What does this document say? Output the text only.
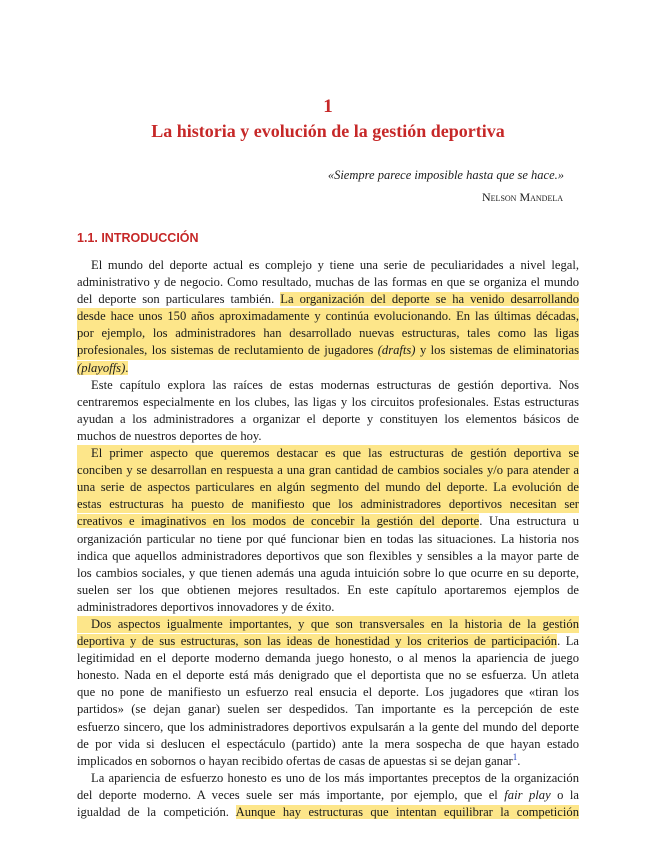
1
La historia y evolución de la gestión deportiva
«Siempre parece imposible hasta que se hace.»
Nelson Mandela
1.1. INTRODUCCIÓN
El mundo del deporte actual es complejo y tiene una serie de peculiaridades a nivel legal,
administrativo y de negocio. Como resultado, muchas de las formas en que se organiza el mundo
del deporte son particulares también. La organización del deporte se ha venido desarrollando
desde hace unos 150 años aproximadamente y continúa evolucionando. En las últimas décadas,
por ejemplo, los administradores han desarrollado nuevas estructuras, tales como las ligas
profesionales, los sistemas de reclutamiento de jugadores (drafts) y los sistemas de eliminatorias
(playoffs).
Este capítulo explora las raíces de estas modernas estructuras de gestión deportiva. Nos
centraremos especialmente en los clubes, las ligas y los circuitos profesionales. Estas estructuras
ayudan a los administradores a organizar el deporte y constituyen los elementos básicos de
muchos de nuestros deportes de hoy.
El primer aspecto que queremos destacar es que las estructuras de gestión deportiva se
conciben y se desarrollan en respuesta a una gran cantidad de cambios sociales y/o para atender a
una serie de aspectos particulares en algún segmento del mundo del deporte. La evolución de
estas estructuras ha puesto de manifiesto que los administradores deportivos necesitan ser
creativos e imaginativos en los modos de concebir la gestión del deporte. Una estructura u
organización particular no tiene por qué funcionar bien en todas las situaciones. La historia nos
indica que aquellos administradores deportivos que son flexibles y sensibles a la mayor parte de
los cambios sociales, y que tienen además una aguda intuición sobre lo que ocurre en su deporte,
suelen ser los que obtienen mejores resultados. En este capítulo aportaremos ejemplos de
administradores deportivos innovadores y de éxito.
Dos aspectos igualmente importantes, y que son transversales en la historia de la gestión
deportiva y de sus estructuras, son las ideas de honestidad y los criterios de participación. La
legitimidad en el deporte moderno demanda juego honesto, o al menos la apariencia de juego
honesto. Nada en el deporte está más denigrado que el deportista que no se esfuerza. Un atleta
que no pone de manifiesto un esfuerzo real ensucia el deporte. Los jugadores que «tiran los
partidos» (se dejan ganar) suelen ser despedidos. Tan importante es la percepción de este
esfuerzo sincero, que los administradores deportivos expulsarán a la gente del mundo del deporte
de por vida si deslucen el espectáculo (partido) ante la mera sospecha de que hayan estado
implicados en sobornos o hayan recibido ofertas de casas de apuestas si se dejan ganar$^1$.
La apariencia de esfuerzo honesto es uno de los más importantes preceptos de la organización
del deporte moderno. A veces suele ser más importante, por ejemplo, que el fair play o la
igualdad de la competición. Aunque hay estructuras que intentan equilibrar la competición
